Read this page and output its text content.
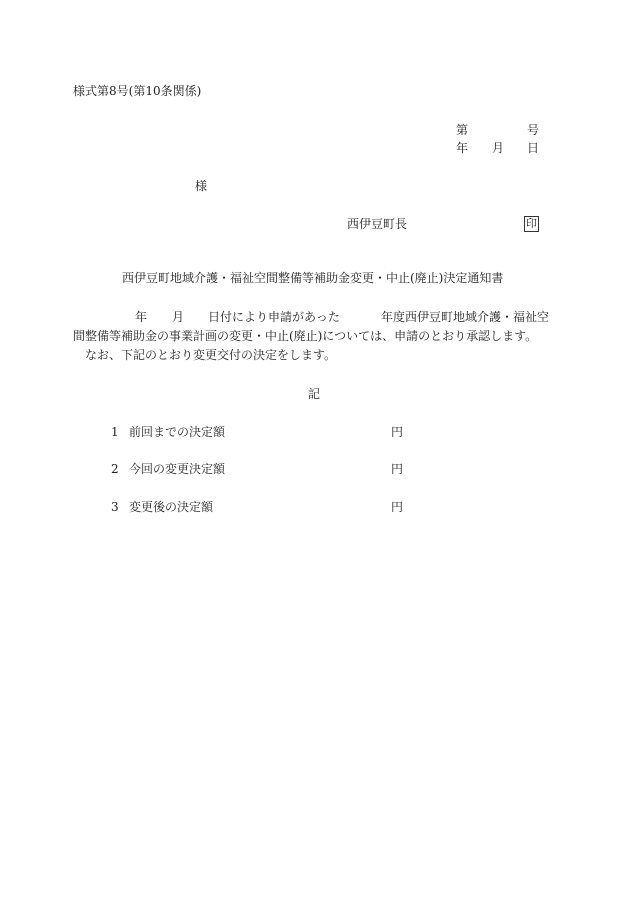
様式第8号(第10条関係)
第	号
年 月 日
様
西伊豆町長	印
西伊豆町地域介護・福祉空間整備等補助金変更・中止(廃止)決定通知書
年 月 日付により申請があった	年度西伊豆町地域介護・福祉空
間整備等補助金の事業計画の変更・中止(廃止)については、申請のとおり承認します。
なお、下記のとおり変更交付の決定をします。
記
1 前回までの決定額	円
2 今回の変更決定額	円
3 変更後の決定額	円
